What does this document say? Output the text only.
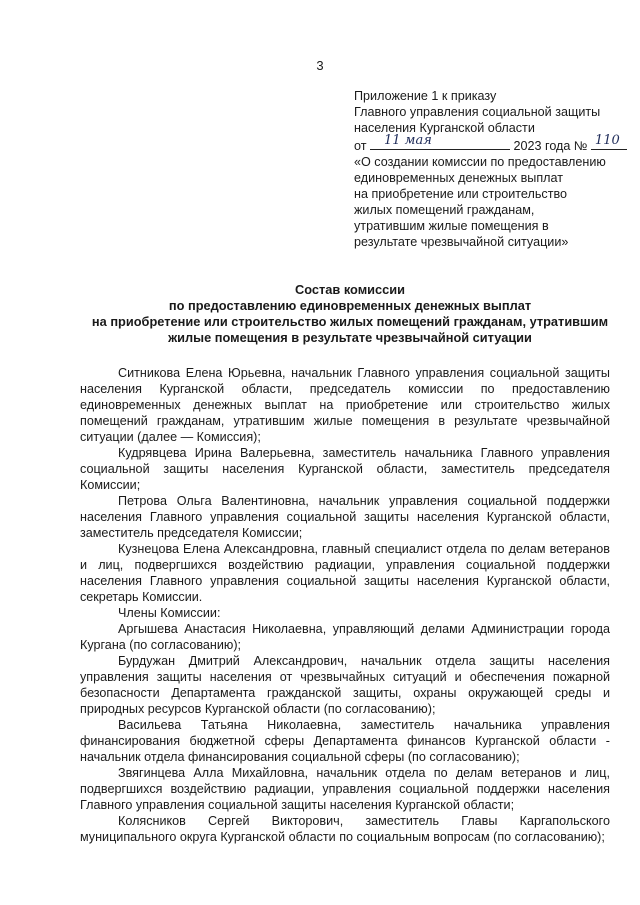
3
Приложение 1 к приказу
Главного управления социальной защиты
населения Курганской области
от 11 мая	2023 года № 110
«О создании комиссии по предоставлению
единовременных денежных выплат
на приобретение или строительство
жилых помещений гражданам,
утратившим жилые помещения в
результате чрезвычайной ситуации»
Состав комиссии
по предоставлению единовременных денежных выплат
на приобретение или строительство жилых помещений гражданам, утратившим
жилые помещения в результате чрезвычайной ситуации

Ситникова Елена Юрьевна, начальник Главного управления социальной защиты населения Курганской области, председатель комиссии по предоставлению единовременных денежных выплат на приобретение или строительство жилых помещений гражданам, утратившим жилые помещения в результате чрезвычайной ситуации (далее — Комиссия);

Кудрявцева Ирина Валерьевна, заместитель начальника Главного управления социальной защиты населения Курганской области, заместитель председателя Комиссии;

Петрова Ольга Валентиновна, начальник управления социальной поддержки населения Главного управления социальной защиты населения Курганской области, заместитель председателя Комиссии;

Кузнецова Елена Александровна, главный специалист отдела по делам ветеранов и лиц, подвергшихся воздействию радиации, управления социальной поддержки населения Главного управления социальной защиты населения Курганской области, секретарь Комиссии.

Члены Комиссии:

Аргышева Анастасия Николаевна, управляющий делами Администрации города Кургана (по согласованию);

Бурдужан Дмитрий Александрович, начальник отдела защиты населения управления защиты населения от чрезвычайных ситуаций и обеспечения пожарной безопасности Департамента гражданской защиты, охраны окружающей среды и природных ресурсов Курганской области (по согласованию);

Васильева Татьяна Николаевна, заместитель начальника управления финансирования бюджетной сферы Департамента финансов Курганской области - начальник отдела финансирования социальной сферы (по согласованию);

Звягинцева Алла Михайловна, начальник отдела по делам ветеранов и лиц, подвергшихся воздействию радиации, управления социальной поддержки населения Главного управления социальной защиты населения Курганской области;

Колясников Сергей Викторович, заместитель Главы Каргапольского муниципального округа Курганской области по социальным вопросам (по согласованию);
